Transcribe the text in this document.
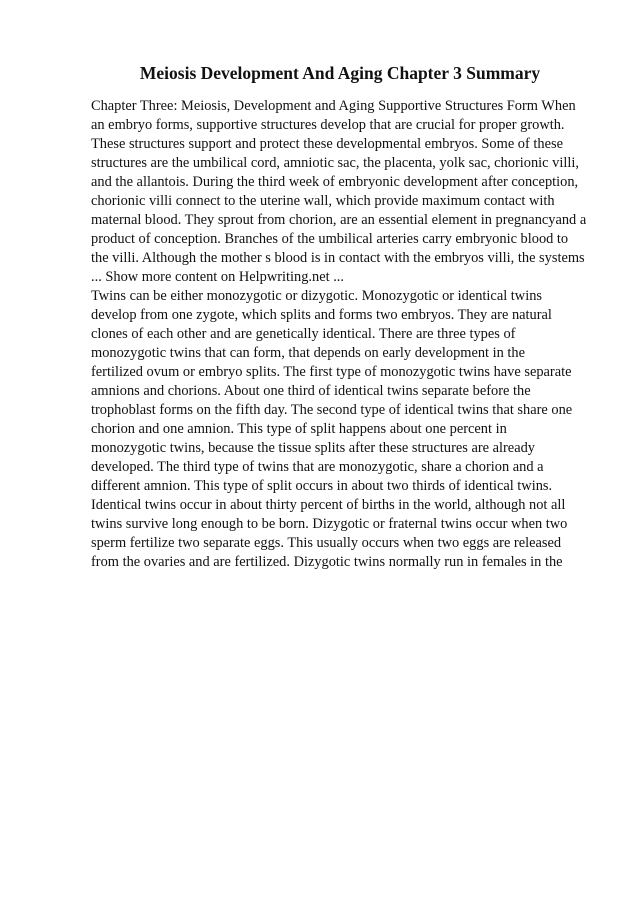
Meiosis Development And Aging Chapter 3 Summary
Chapter Three: Meiosis, Development and Aging Supportive Structures Form When
an embryo forms, supportive structures develop that are crucial for proper growth.
These structures support and protect these developmental embryos. Some of these
structures are the umbilical cord, amniotic sac, the placenta, yolk sac, chorionic villi,
and the allantois. During the third week of embryonic development after conception,
chorionic villi connect to the uterine wall, which provide maximum contact with
maternal blood. They sprout from chorion, are an essential element in pregnancyand a
product of conception. Branches of the umbilical arteries carry embryonic blood to
the villi. Although the mother s blood is in contact with the embryos villi, the systems
... Show more content on Helpwriting.net ...
Twins can be either monozygotic or dizygotic. Monozygotic or identical twins
develop from one zygote, which splits and forms two embryos. They are natural
clones of each other and are genetically identical. There are three types of
monozygotic twins that can form, that depends on early development in the
fertilized ovum or embryo splits. The first type of monozygotic twins have separate
amnions and chorions. About one third of identical twins separate before the
trophoblast forms on the fifth day. The second type of identical twins that share one
chorion and one amnion. This type of split happens about one percent in
monozygotic twins, because the tissue splits after these structures are already
developed. The third type of twins that are monozygotic, share a chorion and a
different amnion. This type of split occurs in about two thirds of identical twins.
Identical twins occur in about thirty percent of births in the world, although not all
twins survive long enough to be born. Dizygotic or fraternal twins occur when two
sperm fertilize two separate eggs. This usually occurs when two eggs are released
from the ovaries and are fertilized. Dizygotic twins normally run in females in the
